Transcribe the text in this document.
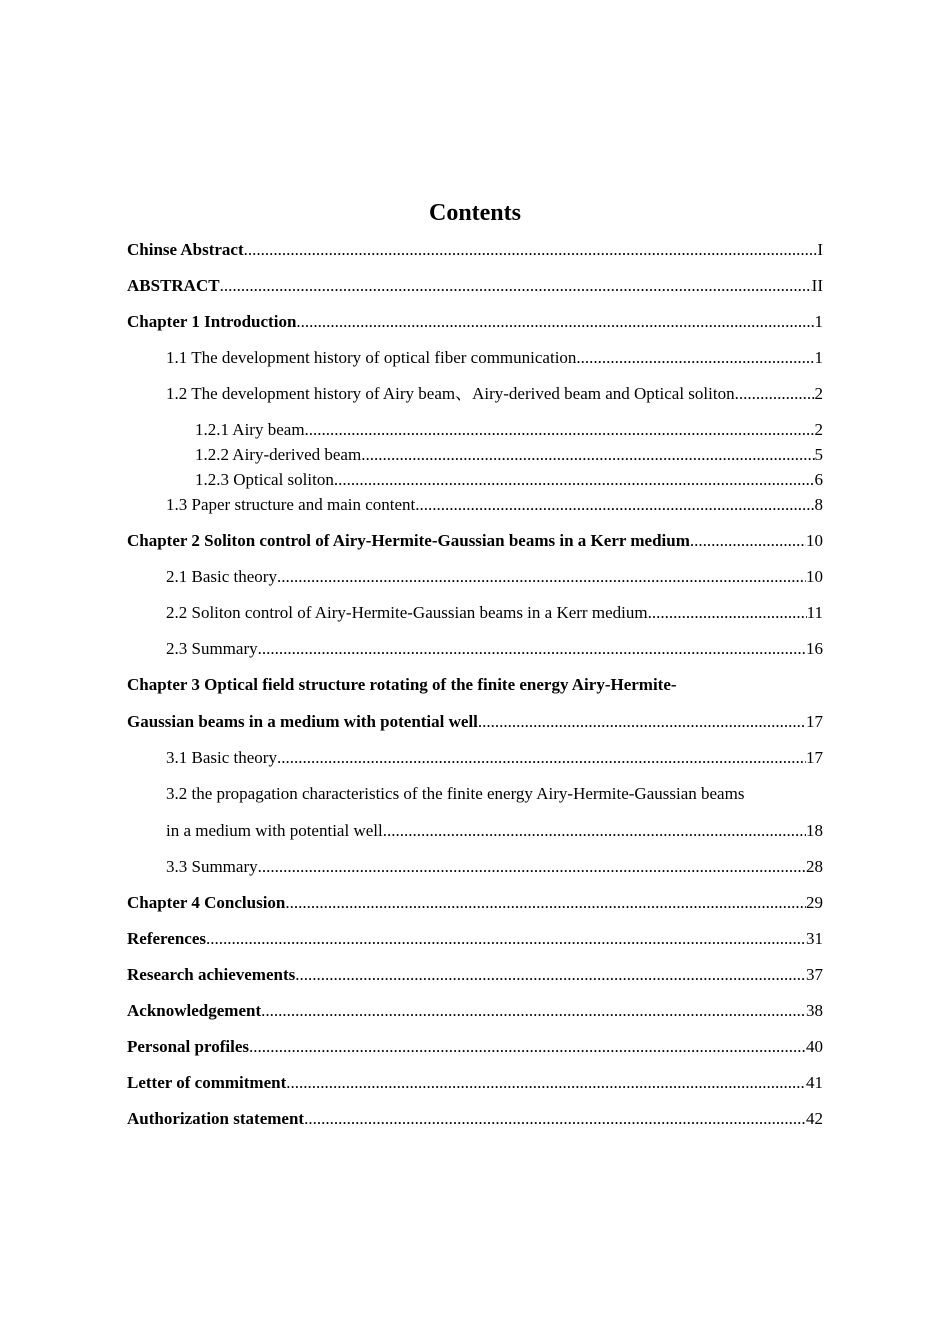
Contents
Chinse Abstract .....	I
ABSTRACT .....	II
Chapter 1 Introduction .....	1
1.1 The development history of optical fiber communication .....	1
1.2 The development history of Airy beam、Airy-derived beam and Optical soliton .....	2
1.2.1 Airy beam .....	2
1.2.2 Airy-derived beam .....	5
1.2.3 Optical soliton .....	6
1.3 Paper structure and main content .....	8
Chapter 2 Soliton control of Airy-Hermite-Gaussian beams in a Kerr medium .....	10
2.1 Basic theory .....	10
2.2 Soliton control of Airy-Hermite-Gaussian beams in a Kerr medium .....	11
2.3 Summary .....	16
Chapter 3 Optical field structure rotating of the finite energy Airy-Hermite-
Gaussian beams in a medium with potential well .....	17
3.1 Basic theory .....	17
3.2 the propagation characteristics of the finite energy Airy-Hermite-Gaussian beams
in a medium with potential well .....	18
3.3 Summary .....	28
Chapter 4 Conclusion .....	29
References .....	31
Research achievements .....	37
Acknowledgement .....	38
Personal profiles .....	40
Letter of commitment .....	41
Authorization statement .....	42
